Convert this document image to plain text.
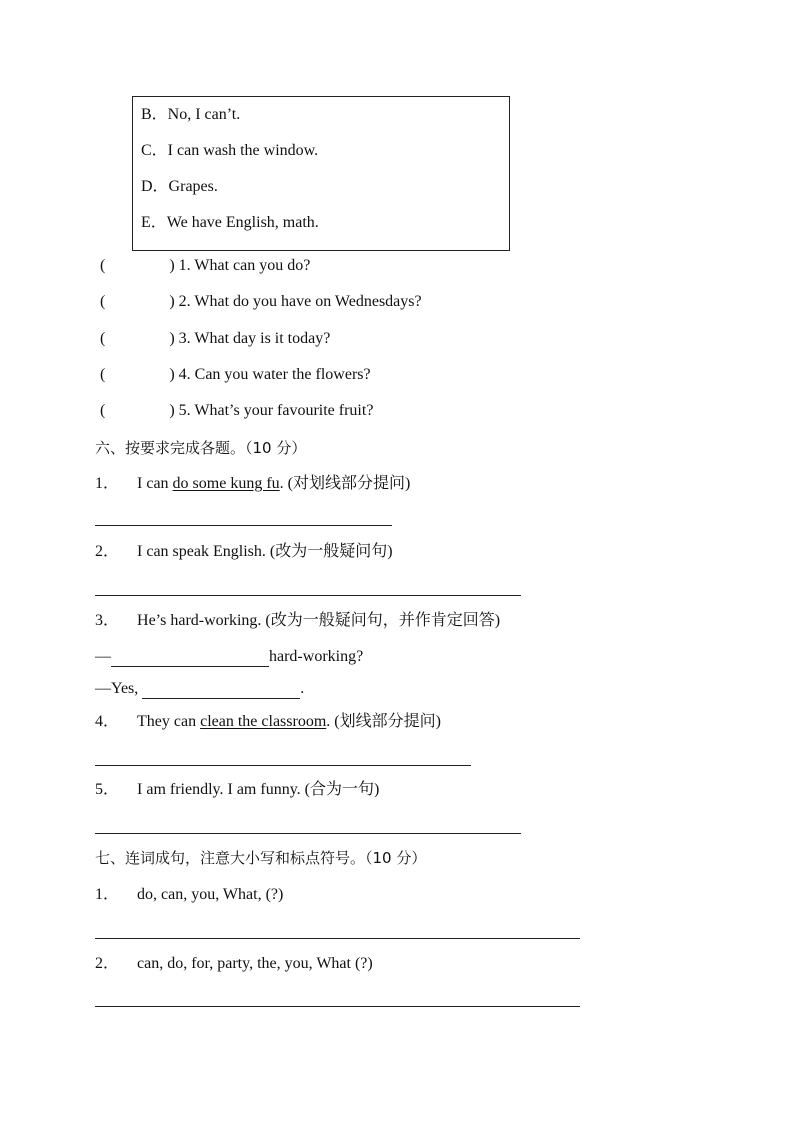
B．No, I can’t.
C．I can wash the window.
D．Grapes.
E．We have English, math.
(	) 1. What can you do?
(	) 2. What do you have on Wednesdays?
(	) 3. What day is it today?
(	) 4. Can you water the flowers?
(	) 5. What’s your favourite fruit?
六、按要求完成各题。（10 分）
1． I can do some kung fu. (对划线部分提问)
2． I can speak English. (改为一般疑问句)
3． He’s hard-working. (改为一般疑问句，并作肯定回答)
—	hard-working?
—Yes,	.
4． They can clean the classroom. (划线部分提问)
5． I am friendly. I am funny. (合为一句)
七、连词成句，注意大小写和标点符号。（10 分）
1． do, can, you, What, (?)
2． can, do, for, party, the, you, What (?)
